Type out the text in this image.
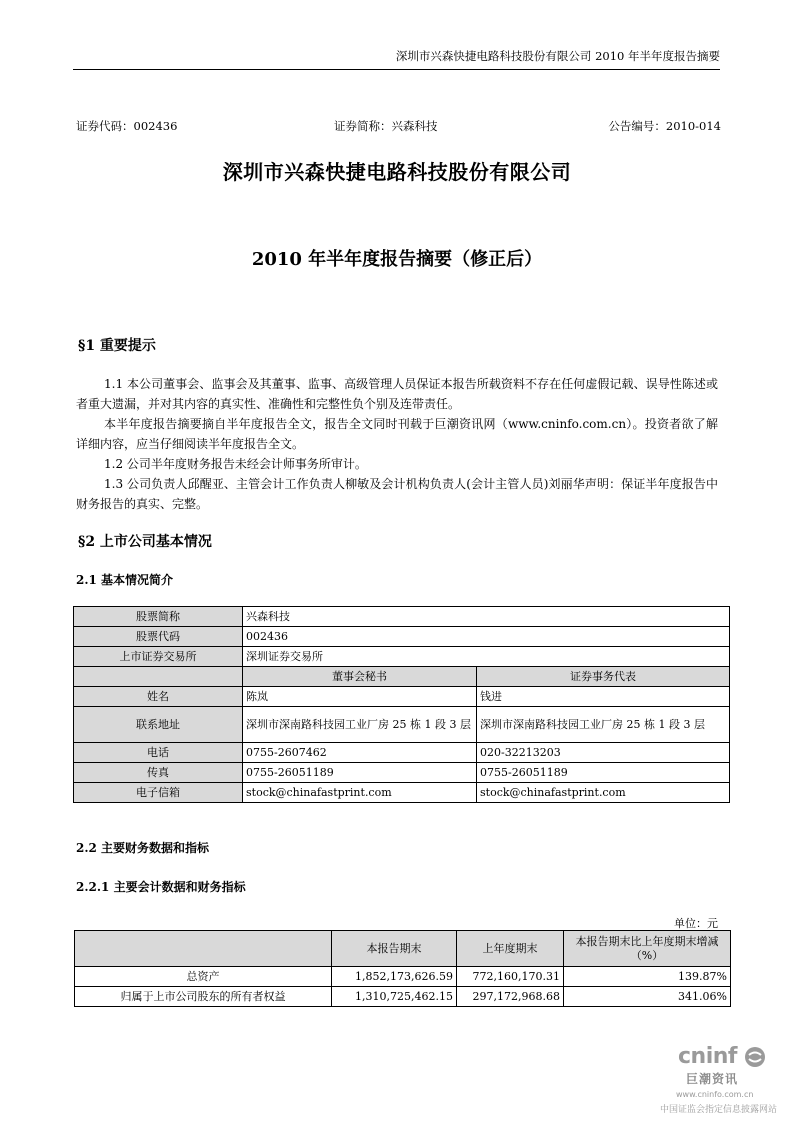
深圳市兴森快捷电路科技股份有限公司 2010 年半年度报告摘要
证券代码：002436	证券简称：兴森科技	公告编号：2010-014
深圳市兴森快捷电路科技股份有限公司
2010 年半年度报告摘要（修正后）
§1 重要提示
1.1 本公司董事会、监事会及其董事、监事、高级管理人员保证本报告所载资料不存在任何虚假记载、误导性陈述或者重大遗漏，并对其内容的真实性、准确性和完整性负个别及连带责任。
本半年度报告摘要摘自半年度报告全文，报告全文同时刊载于巨潮资讯网（www.cninfo.com.cn）。投资者欲了解详细内容，应当仔细阅读半年度报告全文。
1.2 公司半年度财务报告未经会计师事务所审计。
1.3 公司负责人邱醒亚、主管会计工作负责人柳敏及会计机构负责人(会计主管人员)刘丽华声明：保证半年度报告中财务报告的真实、完整。
§2 上市公司基本情况
2.1 基本情况简介
股票简称	兴森科技	
股票代码	002436	
上市证券交易所	深圳证券交易所	
	董事会秘书	证券事务代表
姓名	陈岚	钱进
联系地址	深圳市深南路科技园工业厂房 25 栋 1 段 3 层	深圳市深南路科技园工业厂房 25 栋 1 段 3 层
电话	0755-2607462	020-32213203
传真	0755-26051189	0755-26051189
电子信箱	stock@chinafastprint.com	stock@chinafastprint.com
2.2 主要财务数据和指标
2.2.1 主要会计数据和财务指标
单位：元
	本报告期末	上年度期末	本报告期末比上年度期末增减（%）
总资产	1,852,173,626.59	772,160,170.31	139.87%
归属于上市公司股东的所有者权益	1,310,725,462.15	297,172,968.68	341.06%
cninf
巨潮资讯
www.cninfo.com.cn
中国证监会指定信息披露网站
